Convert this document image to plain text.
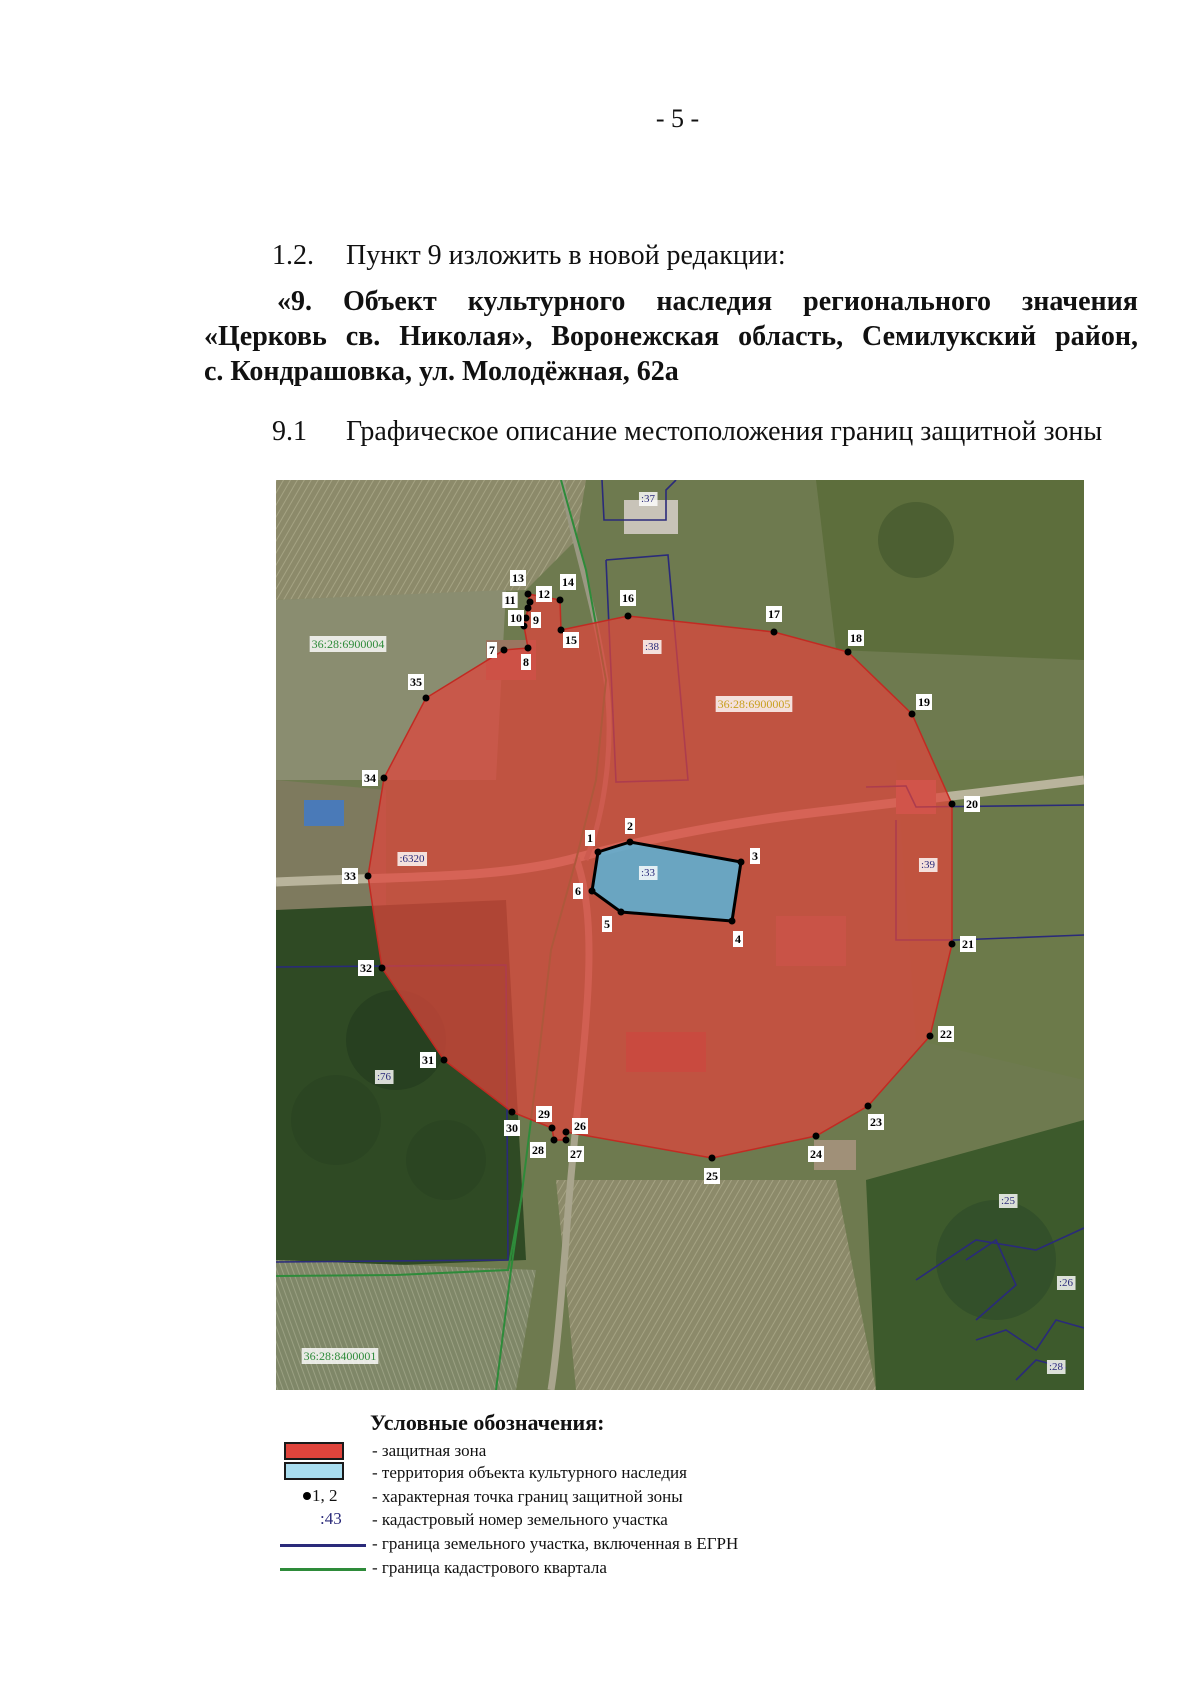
- 5 -
1.2. Пункт 9 изложить в новой редакции:
«9. Объект культурного наследия регионального значения
«Церковь св. Николая», Воронежская область, Семилукский район,
с. Кондрашовка, ул. Молодёжная, 62а
9.1 Графическое описание местоположения границ защитной зоны
:37
36:28:6900004	:38
36:28:6900005
:6320	:39
:33
:76
:25
:26
36:28:8400001
:28
1
2
3
4
5
6
7
8
9
10
11 12
13	14
15
16
17
18
19
20
21
22
23
24
25
26
27
28
29
30
31
32
33
34
35
Условные обозначения:
- защитная зона
- территория объекта культурного наследия
1, 2 - характерная точка границ защитной зоны
:43 - кадастровый номер земельного участка
- граница земельного участка, включенная в ЕГРН
- граница кадастрового квартала
